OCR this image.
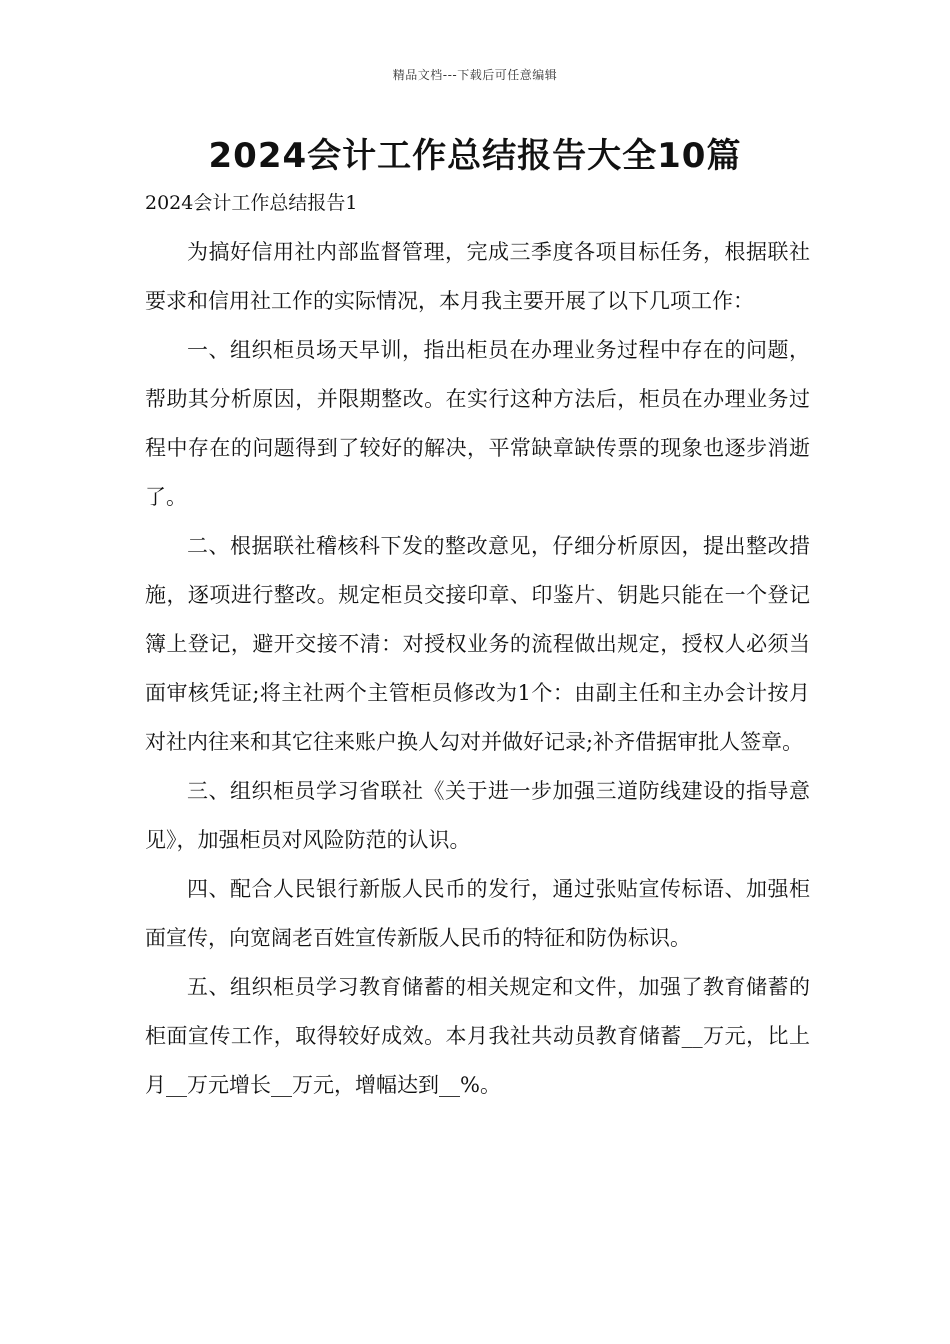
精品文档---下载后可任意编辑
2024会计工作总结报告大全10篇
2024会计工作总结报告1

为搞好信用社内部监督管理，完成三季度各项目标任务，根据联社要求和信用社工作的实际情况，本月我主要开展了以下几项工作：

一、组织柜员场天早训，指出柜员在办理业务过程中存在的问题，帮助其分析原因，并限期整改。在实行这种方法后，柜员在办理业务过程中存在的问题得到了较好的解决，平常缺章缺传票的现象也逐步消逝了。

二、根据联社稽核科下发的整改意见，仔细分析原因，提出整改措施，逐项进行整改。规定柜员交接印章、印鉴片、钥匙只能在一个登记簿上登记，避开交接不清：对授权业务的流程做出规定，授权人必须当面审核凭证;将主社两个主管柜员修改为1个：由副主任和主办会计按月对社内往来和其它往来账户换人勾对并做好记录;补齐借据审批人签章。

三、组织柜员学习省联社《关于进一步加强三道防线建设的指导意见》，加强柜员对风险防范的认识。

四、配合人民银行新版人民币的发行，通过张贴宣传标语、加强柜面宣传，向宽阔老百姓宣传新版人民币的特征和防伪标识。

五、组织柜员学习教育储蓄的相关规定和文件，加强了教育储蓄的柜面宣传工作，取得较好成效。本月我社共动员教育储蓄__万元，比上月__万元增长__万元，增幅达到__%。
